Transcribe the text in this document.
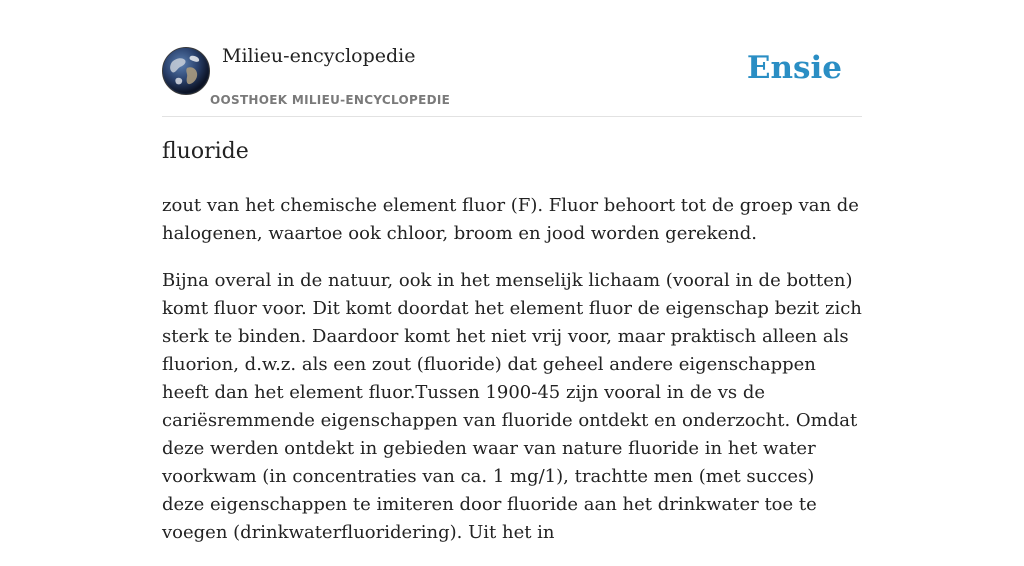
Milieu-encyclopedie
OOSTHOEK MILIEU-ENCYCLOPEDIE
Ensie
fluoride

zout van het chemische element fluor (F). Fluor behoort tot de groep van de halogenen, waartoe ook chloor, broom en jood worden gerekend.

Bijna overal in de natuur, ook in het menselijk lichaam (vooral in de botten) komt fluor voor. Dit komt doordat het element fluor de eigenschap bezit zich sterk te binden. Daardoor komt het niet vrij voor, maar praktisch alleen als fluorion, d.w.z. als een zout (fluoride) dat geheel andere eigenschappen heeft dan het element fluor.Tussen 1900-45 zijn vooral in de vs de cariësremmende eigenschappen van fluoride ontdekt en onderzocht. Omdat deze werden ontdekt in gebieden waar van nature fluoride in het water voorkwam (in concentraties van ca. 1 mg/1), trachtte men (met succes) deze eigenschappen te imiteren door fluoride aan het drinkwater toe te voegen (drinkwaterfluoridering). Uit het in
